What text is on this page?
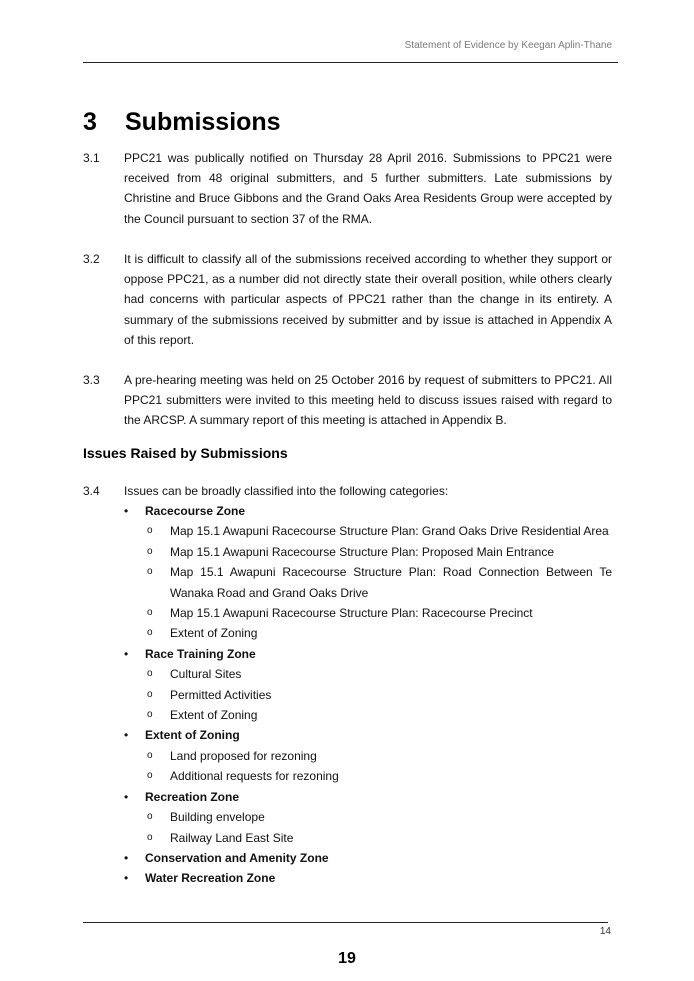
Statement of Evidence by Keegan Aplin-Thane
3 Submissions
3.1 PPC21 was publically notified on Thursday 28 April 2016. Submissions to PPC21 were received from 48 original submitters, and 5 further submitters. Late submissions by Christine and Bruce Gibbons and the Grand Oaks Area Residents Group were accepted by the Council pursuant to section 37 of the RMA.
3.2 It is difficult to classify all of the submissions received according to whether they support or oppose PPC21, as a number did not directly state their overall position, while others clearly had concerns with particular aspects of PPC21 rather than the change in its entirety. A summary of the submissions received by submitter and by issue is attached in Appendix A of this report.
3.3 A pre-hearing meeting was held on 25 October 2016 by request of submitters to PPC21. All PPC21 submitters were invited to this meeting held to discuss issues raised with regard to the ARCSP. A summary report of this meeting is attached in Appendix B.
Issues Raised by Submissions
3.4 Issues can be broadly classified into the following categories:
• Racecourse Zone
o Map 15.1 Awapuni Racecourse Structure Plan: Grand Oaks Drive Residential Area
o Map 15.1 Awapuni Racecourse Structure Plan: Proposed Main Entrance
o Map 15.1 Awapuni Racecourse Structure Plan: Road Connection Between Te Wanaka Road and Grand Oaks Drive
o Map 15.1 Awapuni Racecourse Structure Plan: Racecourse Precinct
o Extent of Zoning
• Race Training Zone
o Cultural Sites
o Permitted Activities
o Extent of Zoning
• Extent of Zoning
o Land proposed for rezoning
o Additional requests for rezoning
• Recreation Zone
o Building envelope
o Railway Land East Site
• Conservation and Amenity Zone
• Water Recreation Zone
14
19
